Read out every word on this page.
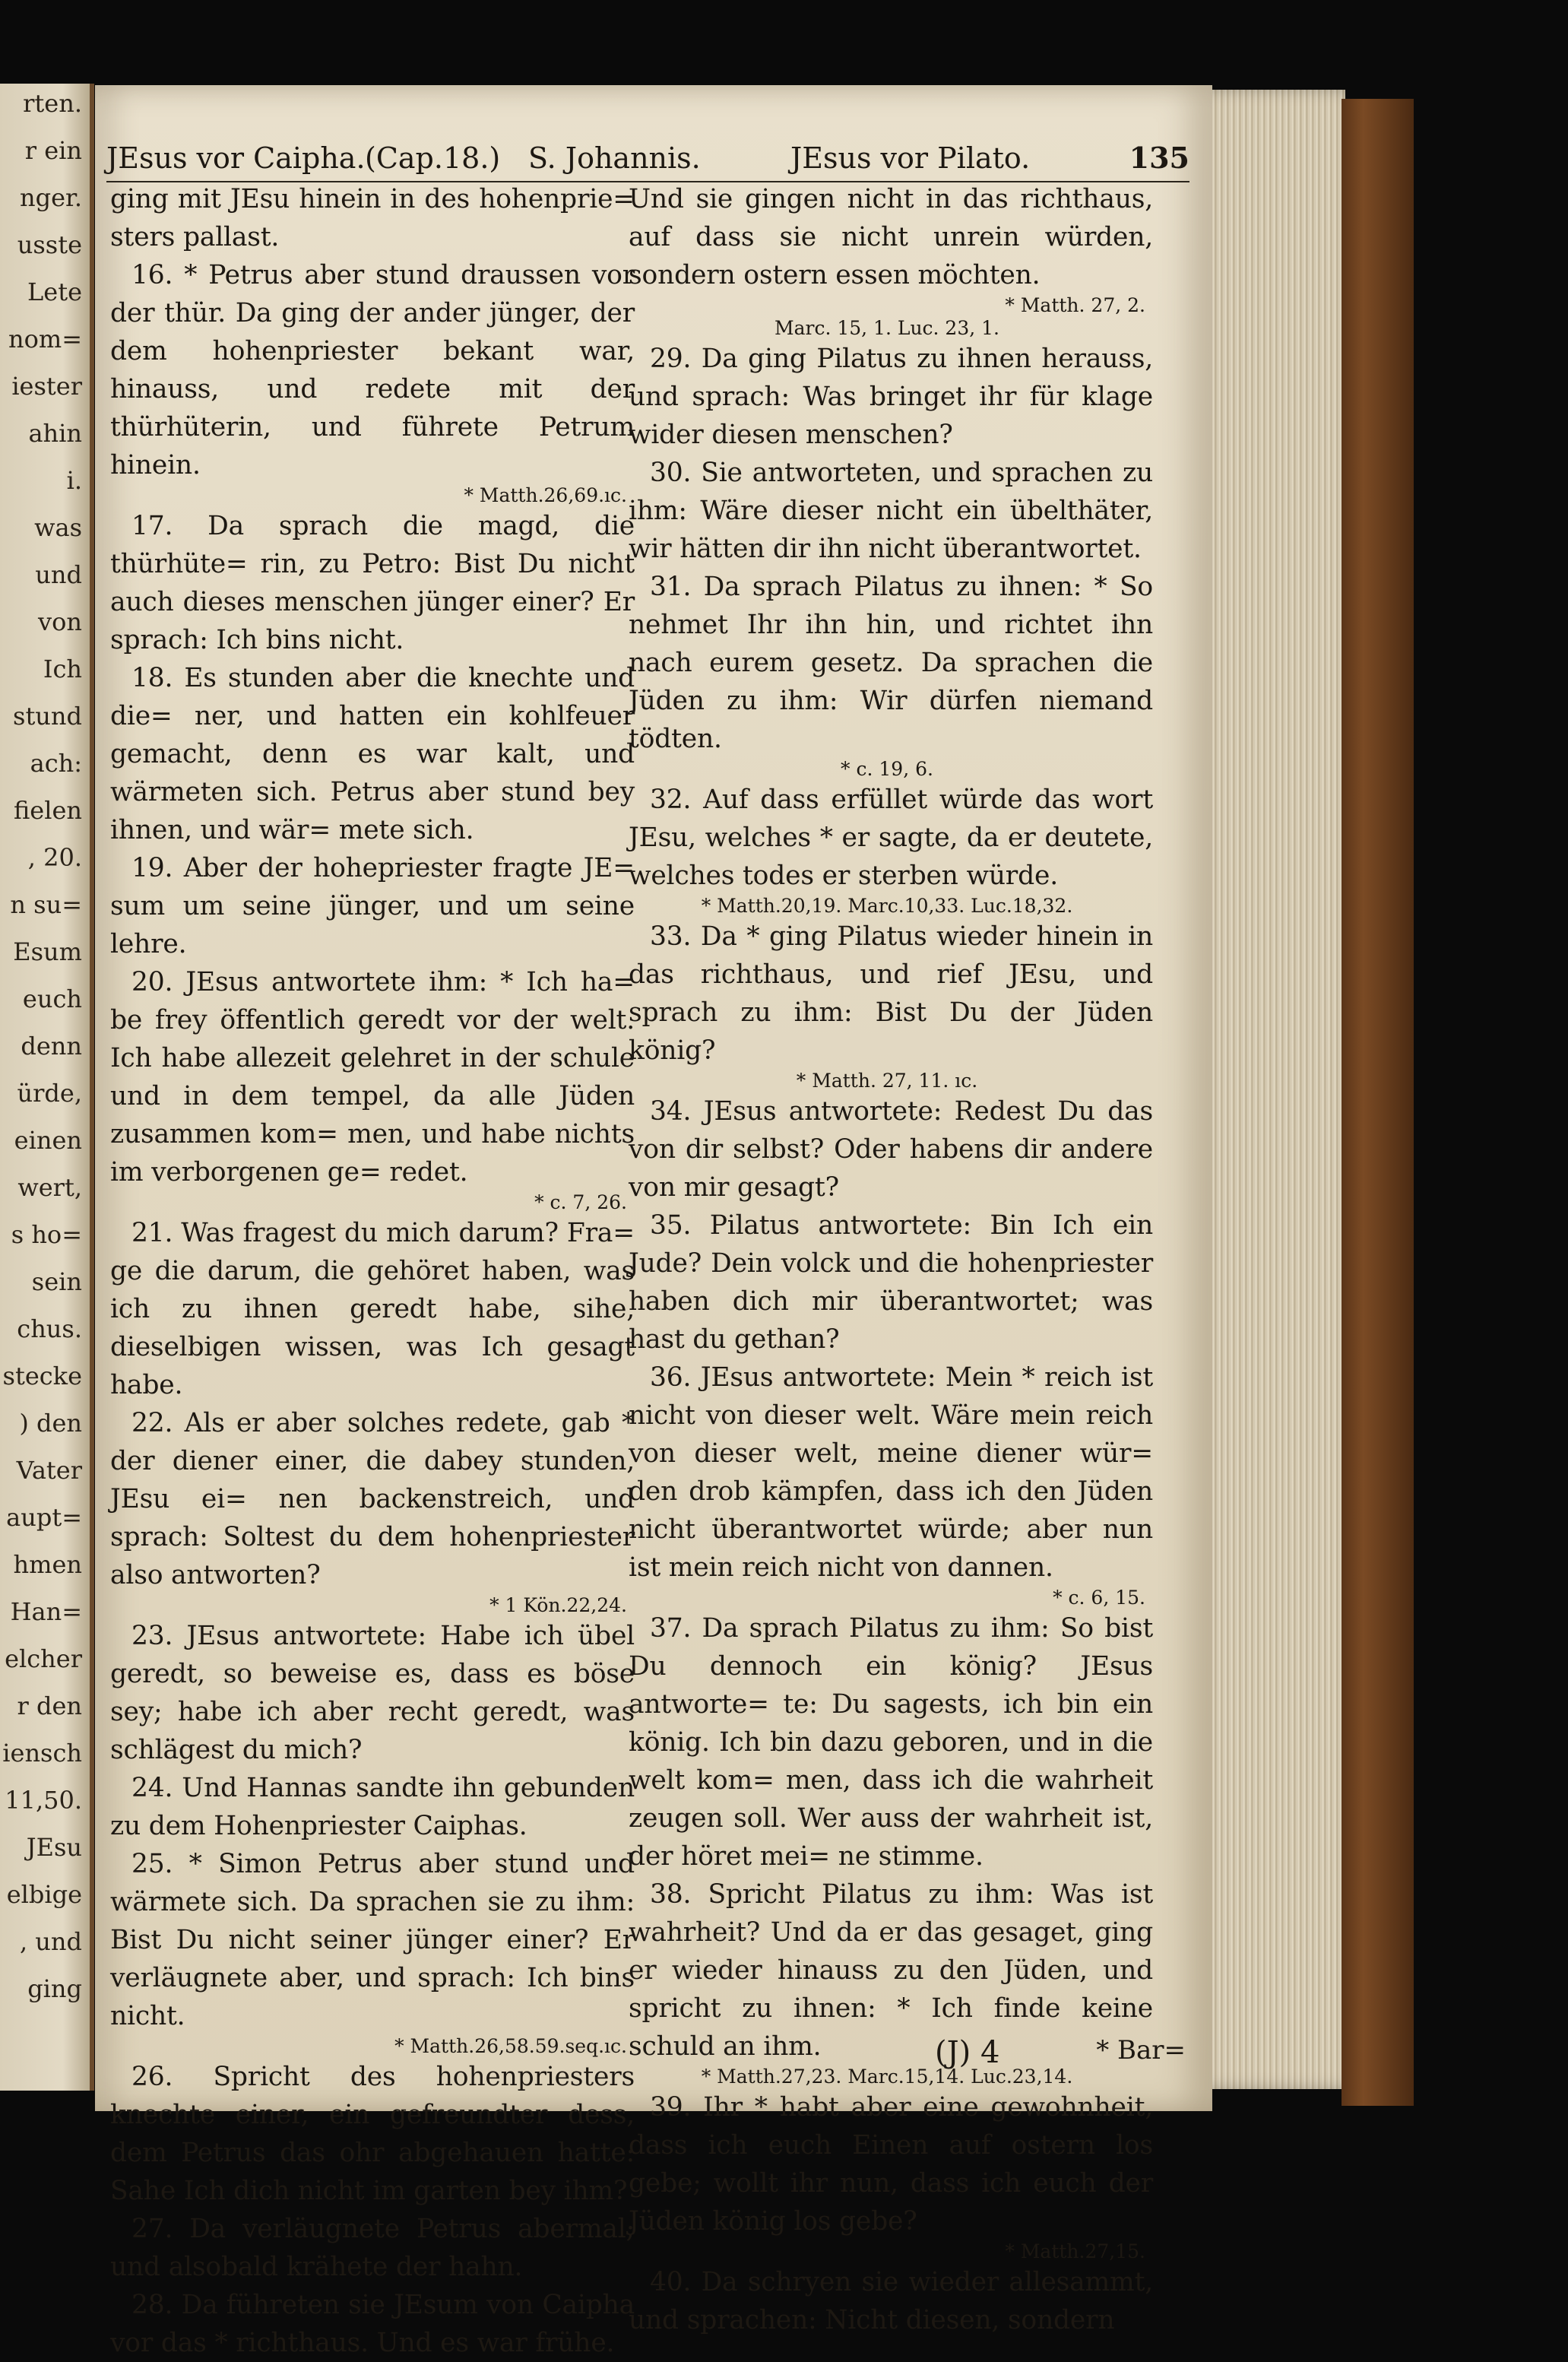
rten.
r ein
nger.
usste
Lete
nom=
iester
ahin
i.
was
und
von
Ich
stund
ach:
fielen
, 20.
n su=
Esum
euch
denn
ürde,
einen
wert,
s ho=
sein
chus.
stecke
) den
Vater
aupt=
hmen
Han=
elcher
r den
iensch
11,50.
JEsu
elbige
, und
ging
JEsus vor Caipha. (Cap.18.) S. Johannis.	JEsus vor Pilato.	135

ging mit JEsu hinein in des hohenprie= sters pallast.

16. * Petrus aber stund draussen vor der thür. Da ging der ander jünger, der dem hohenpriester bekant war, hinauss, und redete mit der thürhüterin, und führete Petrum hinein.

* Matth.26,69.ıc.

17. Da sprach die magd, die thürhüte= rin, zu Petro: Bist Du nicht auch dieses menschen jünger einer? Er sprach: Ich bins nicht.

18. Es stunden aber die knechte und die= ner, und hatten ein kohlfeuer gemacht, denn es war kalt, und wärmeten sich. Petrus aber stund bey ihnen, und wär= mete sich.

19. Aber der hohepriester fragte JE= sum um seine jünger, und um seine lehre.

20. JEsus antwortete ihm: * Ich ha= be frey öffentlich geredt vor der welt. Ich habe allezeit gelehret in der schule und in dem tempel, da alle Jüden zusammen kom= men, und habe nichts im verborgenen ge= redet.

* c. 7, 26.

21. Was fragest du mich darum? Fra= ge die darum, die gehöret haben, was ich zu ihnen geredt habe, sihe, dieselbigen wissen, was Ich gesagt habe.

22. Als er aber solches redete, gab * der diener einer, die dabey stunden, JEsu ei= nen backenstreich, und sprach: Soltest du dem hohenpriester also antworten?

* 1 Kön.22,24.

23. JEsus antwortete: Habe ich übel geredt, so beweise es, dass es böse sey; habe ich aber recht geredt, was schlägest du mich?

24. Und Hannas sandte ihn gebunden zu dem Hohenpriester Caiphas.

25. * Simon Petrus aber stund und wärmete sich. Da sprachen sie zu ihm: Bist Du nicht seiner jünger einer? Er verläugnete aber, und sprach: Ich bins nicht.

* Matth.26,58.59.seq.ıc.

26. Spricht des hohenpriesters knechte einer, ein gefreundter dess, dem Petrus das ohr abgehauen hatte: Sahe Ich dich nicht im garten bey ihm?

27. Da verläugnete Petrus abermal; und alsobald krähete der hahn.

28. Da führeten sie JEsum von Caipha vor das * richthaus. Und es war frühe.

Und sie gingen nicht in das richthaus, auf dass sie nicht unrein würden, sondern ostern essen möchten.

* Matth. 27, 2.
Marc. 15, 1. Luc. 23, 1.

29. Da ging Pilatus zu ihnen herauss, und sprach: Was bringet ihr für klage wider diesen menschen?

30. Sie antworteten, und sprachen zu ihm: Wäre dieser nicht ein übelthäter, wir hätten dir ihn nicht überantwortet.

31. Da sprach Pilatus zu ihnen: * So nehmet Ihr ihn hin, und richtet ihn nach eurem gesetz. Da sprachen die Jüden zu ihm: Wir dürfen niemand tödten.

* c. 19, 6.

32. Auf dass erfüllet würde das wort JEsu, welches * er sagte, da er deutete, welches todes er sterben würde.

* Matth.20,19. Marc.10,33. Luc.18,32.

33. Da * ging Pilatus wieder hinein in das richthaus, und rief JEsu, und sprach zu ihm: Bist Du der Jüden könig?

* Matth. 27, 11. ıc.

34. JEsus antwortete: Redest Du das von dir selbst? Oder habens dir andere von mir gesagt?

35. Pilatus antwortete: Bin Ich ein Jude? Dein volck und die hohenpriester haben dich mir überantwortet; was hast du gethan?

36. JEsus antwortete: Mein * reich ist nicht von dieser welt. Wäre mein reich von dieser welt, meine diener wür= den drob kämpfen, dass ich den Jüden nicht überantwortet würde; aber nun ist mein reich nicht von dannen.

* c. 6, 15.

37. Da sprach Pilatus zu ihm: So bist Du dennoch ein könig? JEsus antworte= te: Du sagests, ich bin ein könig. Ich bin dazu geboren, und in die welt kom= men, dass ich die wahrheit zeugen soll. Wer auss der wahrheit ist, der höret mei= ne stimme.

38. Spricht Pilatus zu ihm: Was ist wahrheit? Und da er das gesaget, ging er wieder hinauss zu den Jüden, und spricht zu ihnen: * Ich finde keine schuld an ihm.

* Matth.27,23. Marc.15,14. Luc.23,14.

39. Ihr * habt aber eine gewohnheit, dass ich euch Einen auf ostern los gebe; wollt ihr nun, dass ich euch der Jüden könig los gebe?

* Matth.27,15.

40. Da schryen sie wieder allesammt, und sprachen: Nicht diesen, sondern

(J) 4	* Bar=
